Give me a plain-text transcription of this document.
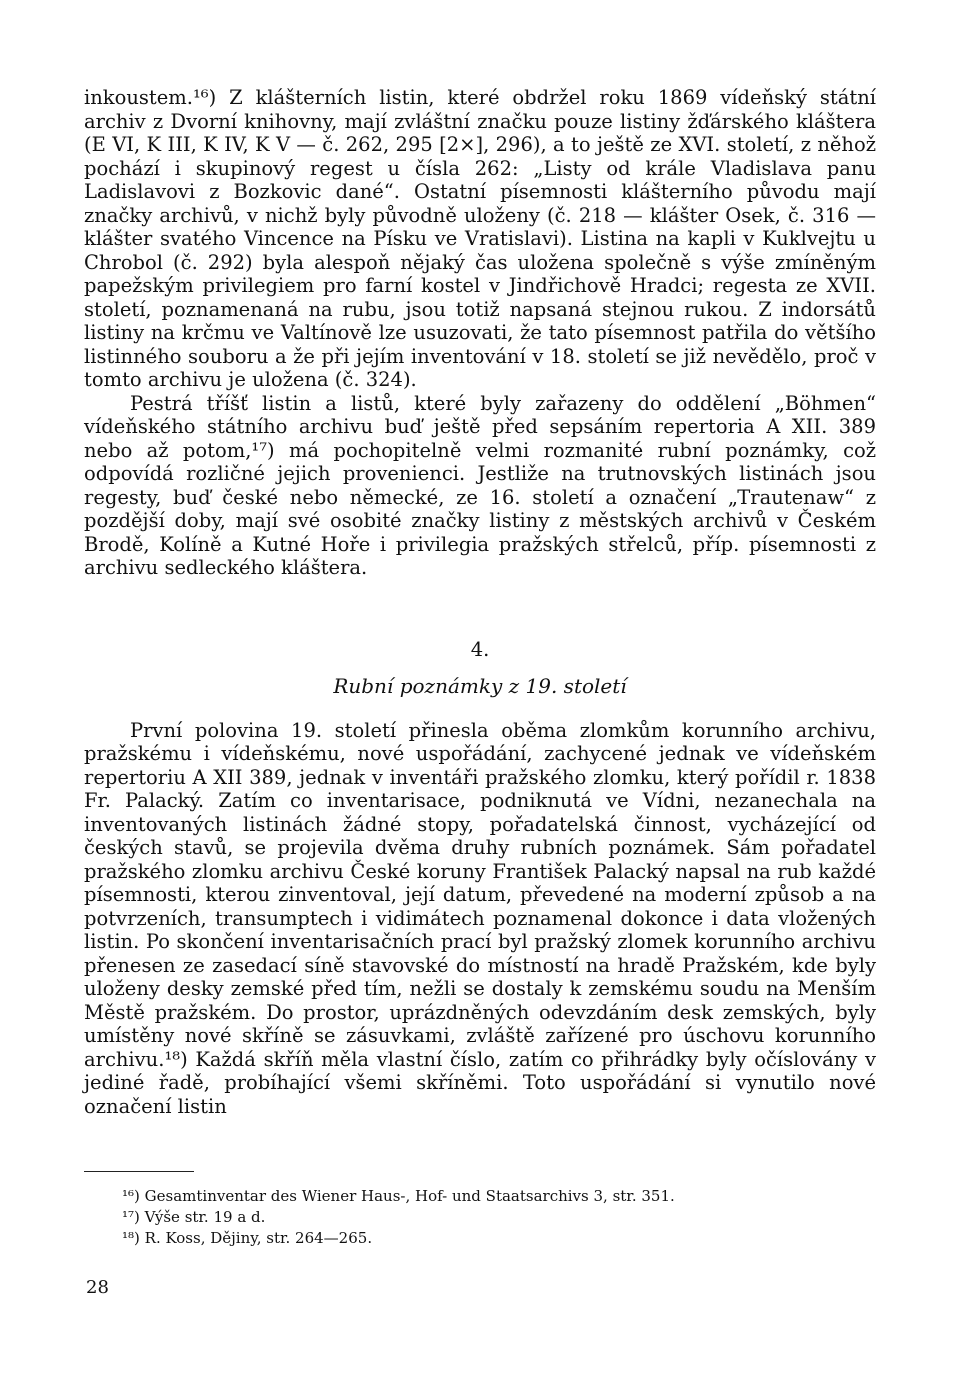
inkoustem.¹⁶) Z klášterních listin, které obdržel roku 1869 vídeňský státní archiv z Dvorní knihovny, mají zvláštní značku pouze listiny žďárského kláštera (E VI, K III, K IV, K V — č. 262, 295 [2×], 296), a to ještě ze XVI. století, z něhož pochází i skupinový regest u čísla 262: „Listy od krále Vladislava panu Ladislavovi z Bozkovic dané“. Ostatní písemnosti klášterního původu mají značky archivů, v nichž byly původně uloženy (č. 218 — klášter Osek, č. 316 — klášter svatého Vincence na Písku ve Vratislavi). Listina na kapli v Kuklvejtu u Chrobol (č. 292) byla alespoň nějaký čas uložena společně s výše zmíněným papežským privilegiem pro farní kostel v Jindřichově Hradci; regesta ze XVII. století, poznamenaná na rubu, jsou totiž napsaná stejnou rukou. Z indorsátů listiny na krčmu ve Valtínově lze usuzovati, že tato písemnost patřila do většího listinného souboru a že při jejím inventování v 18. století se již nevědělo, proč v tomto archivu je uložena (č. 324).

Pestrá tříšť listin a listů, které byly zařazeny do oddělení „Böhmen“ vídeňského státního archivu buď ještě před sepsáním repertoria A XII. 389 nebo až potom,¹⁷) má pochopitelně velmi rozmanité rubní poznámky, což odpovídá rozličné jejich provenienci. Jestliže na trutnovských listinách jsou regesty, buď české nebo německé, ze 16. století a označení „Trautenaw“ z pozdější doby, mají své osobité značky listiny z městských archivů v Českém Brodě, Kolíně a Kutné Hoře i privilegia pražských střelců, příp. písemnosti z archivu sedleckého kláštera.

4.
Rubní poznámky z 19. století

První polovina 19. století přinesla oběma zlomkům korunního archivu, pražskému i vídeňskému, nové uspořádání, zachycené jednak ve vídeňském repertoriu A XII 389, jednak v inventáři pražského zlomku, který pořídil r. 1838 Fr. Palacký. Zatím co inventarisace, podniknutá ve Vídni, nezanechala na inventovaných listinách žádné stopy, pořadatelská činnost, vycházející od českých stavů, se projevila dvěma druhy rubních poznámek. Sám pořadatel pražského zlomku archivu České koruny František Palacký napsal na rub každé písemnosti, kterou zinventoval, její datum, převedené na moderní způsob a na potvrzeních, transumptech i vidimátech poznamenal dokonce i data vložených listin. Po skončení inventarisačních prací byl pražský zlomek korunního archivu přenesen ze zasedací síně stavovské do místností na hradě Pražském, kde byly uloženy desky zemské před tím, nežli se dostaly k zemskému soudu na Menším Městě pražském. Do prostor, uprázdněných odevzdáním desk zemských, byly umístěny nové skříně se zásuvkami, zvláště zařízené pro úschovu korunního archivu.¹⁸) Každá skříň měla vlastní číslo, zatím co přihrádky byly očíslovány v jediné řadě, probíhající všemi skříněmi. Toto uspořádání si vynutilo nové označení listin

¹⁶) Gesamtinventar des Wiener Haus-, Hof- und Staatsarchivs 3, str. 351.

¹⁷) Výše str. 19 a d.

¹⁸) R. Koss, Dějiny, str. 264—265.

28
